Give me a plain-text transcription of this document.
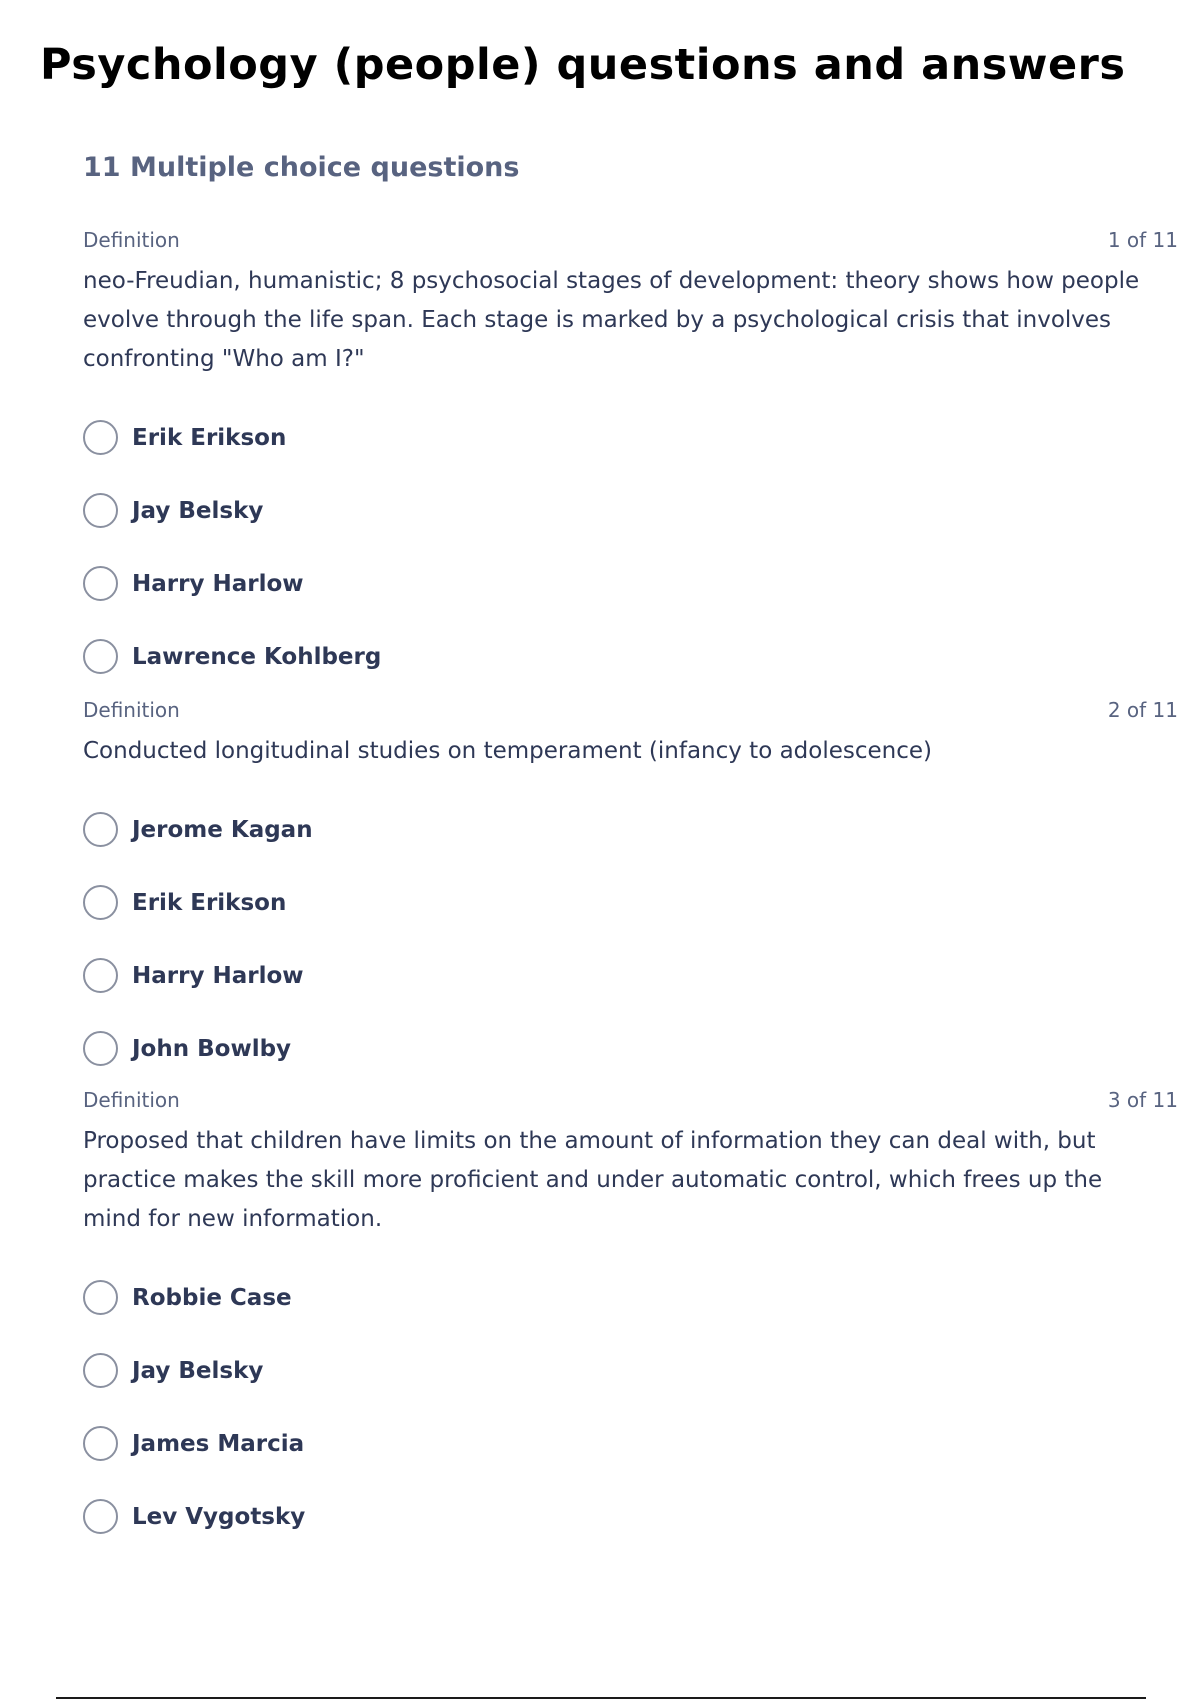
Psychology (people) questions and answers
11 Multiple choice questions
Definition	1 of 11
neo-Freudian, humanistic; 8 psychosocial stages of development: theory shows how people evolve through the life span. Each stage is marked by a psychological crisis that involves confronting "Who am I?"
Erik Erikson
Jay Belsky
Harry Harlow
Lawrence Kohlberg
Definition	2 of 11
Conducted longitudinal studies on temperament (infancy to adolescence)
Jerome Kagan
Erik Erikson
Harry Harlow
John Bowlby
Definition	3 of 11
Proposed that children have limits on the amount of information they can deal with, but practice makes the skill more proficient and under automatic control, which frees up the mind for new information.
Robbie Case
Jay Belsky
James Marcia
Lev Vygotsky
